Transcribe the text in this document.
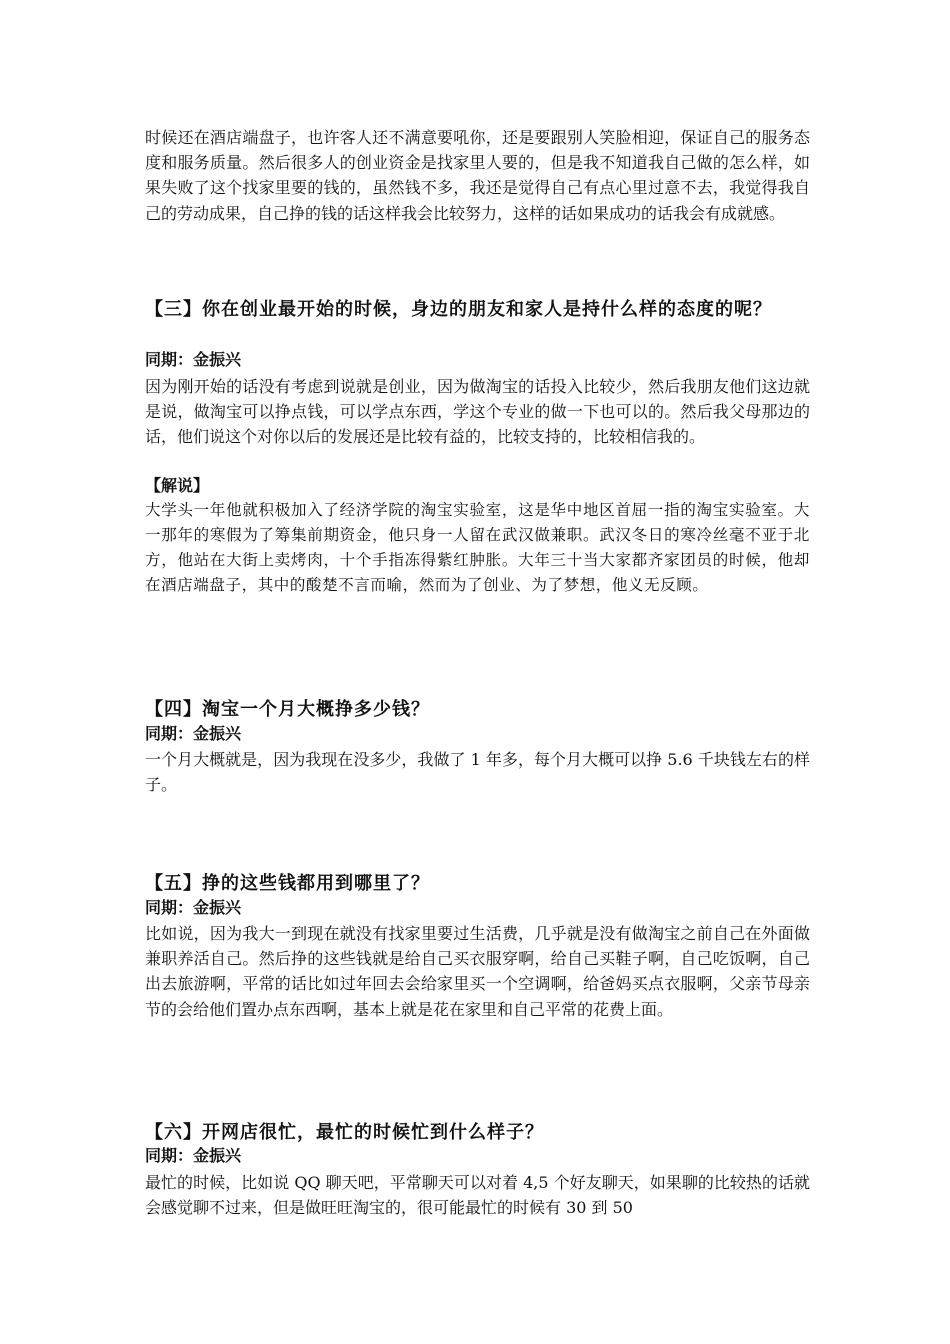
时候还在酒店端盘子，也许客人还不满意要吼你，还是要跟别人笑脸相迎，保证自己的服务态度和服务质量。然后很多人的创业资金是找家里人要的，但是我不知道我自己做的怎么样，如果失败了这个找家里要的钱的，虽然钱不多，我还是觉得自己有点心里过意不去，我觉得我自己的劳动成果，自己挣的钱的话这样我会比较努力，这样的话如果成功的话我会有成就感。

【三】你在创业最开始的时候，身边的朋友和家人是持什么样的态度的呢？

同期：金振兴

因为刚开始的话没有考虑到说就是创业，因为做淘宝的话投入比较少，然后我朋友他们这边就是说，做淘宝可以挣点钱，可以学点东西，学这个专业的做一下也可以的。然后我父母那边的话，他们说这个对你以后的发展还是比较有益的，比较支持的，比较相信我的。

【解说】

大学头一年他就积极加入了经济学院的淘宝实验室，这是华中地区首屈一指的淘宝实验室。大一那年的寒假为了筹集前期资金，他只身一人留在武汉做兼职。武汉冬日的寒冷丝毫不亚于北方，他站在大街上卖烤肉，十个手指冻得紫红肿胀。大年三十当大家都齐家团员的时候，他却在酒店端盘子，其中的酸楚不言而喻，然而为了创业、为了梦想，他义无反顾。

【四】淘宝一个月大概挣多少钱？

同期：金振兴

一个月大概就是，因为我现在没多少，我做了 1 年多，每个月大概可以挣 5.6 千块钱左右的样子。

【五】挣的这些钱都用到哪里了？

同期：金振兴

比如说，因为我大一到现在就没有找家里要过生活费，几乎就是没有做淘宝之前自己在外面做兼职养活自己。然后挣的这些钱就是给自己买衣服穿啊，给自己买鞋子啊，自己吃饭啊，自己出去旅游啊，平常的话比如过年回去会给家里买一个空调啊，给爸妈买点衣服啊，父亲节母亲节的会给他们置办点东西啊，基本上就是花在家里和自己平常的花费上面。

【六】开网店很忙，最忙的时候忙到什么样子？

同期：金振兴

最忙的时候，比如说 QQ 聊天吧，平常聊天可以对着 4,5 个好友聊天，如果聊的比较热的话就会感觉聊不过来，但是做旺旺淘宝的，很可能最忙的时候有 30 到 50
